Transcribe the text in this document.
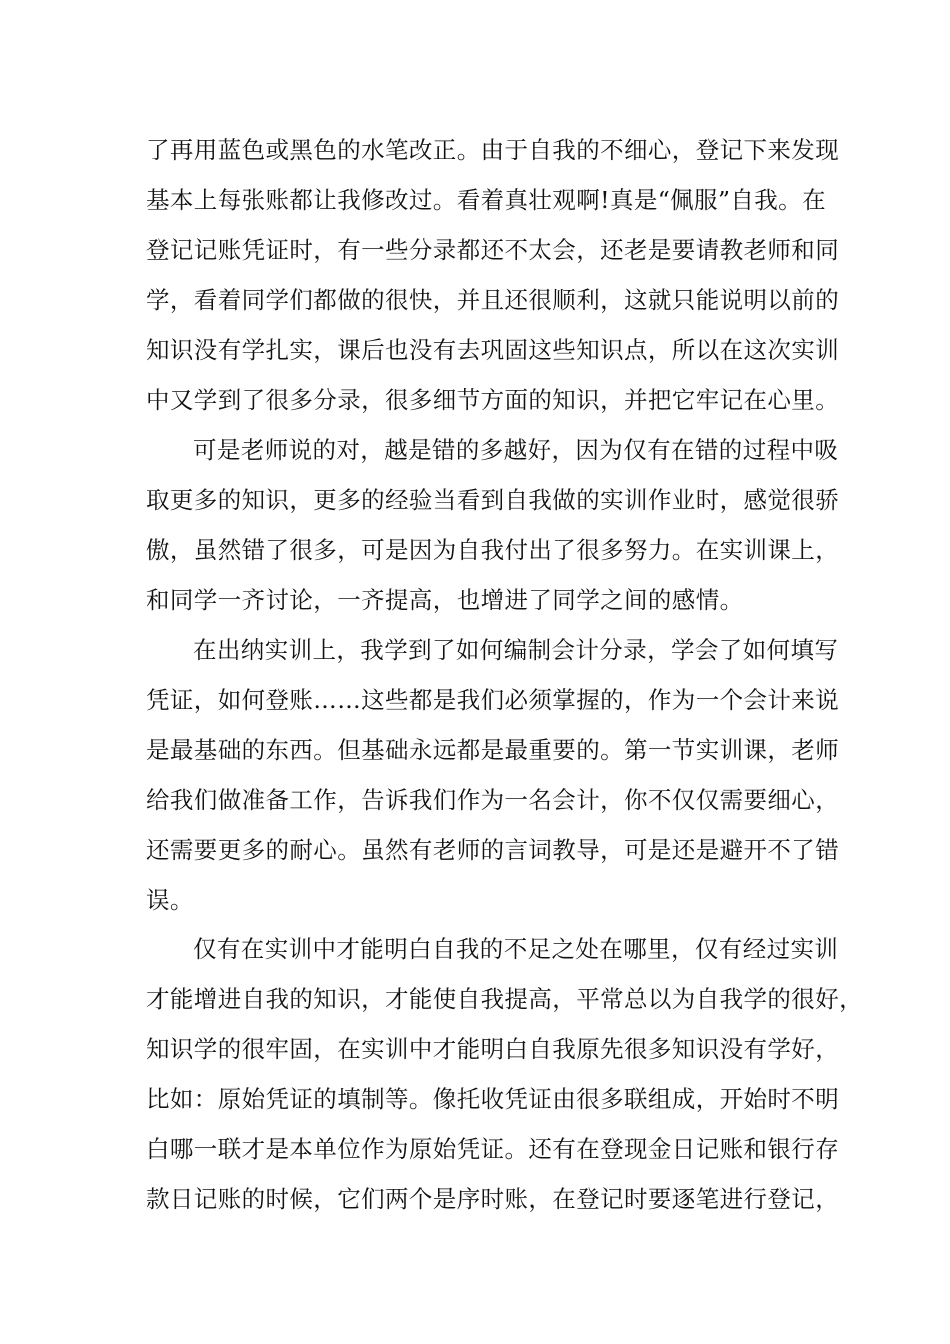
了再用蓝色或黑色的水笔改正。由于自我的不细心，登记下来发现
基本上每张账都让我修改过。看着真壮观啊!真是“佩服”自我。在
登记记账凭证时，有一些分录都还不太会，还老是要请教老师和同
学，看着同学们都做的很快，并且还很顺利，这就只能说明以前的
知识没有学扎实，课后也没有去巩固这些知识点，所以在这次实训
中又学到了很多分录，很多细节方面的知识，并把它牢记在心里。
可是老师说的对，越是错的多越好，因为仅有在错的过程中吸
取更多的知识，更多的经验当看到自我做的实训作业时，感觉很骄
傲，虽然错了很多，可是因为自我付出了很多努力。在实训课上，
和同学一齐讨论，一齐提高，也增进了同学之间的感情。
在出纳实训上，我学到了如何编制会计分录，学会了如何填写
凭证，如何登账……这些都是我们必须掌握的，作为一个会计来说
是最基础的东西。但基础永远都是最重要的。第一节实训课，老师
给我们做准备工作，告诉我们作为一名会计，你不仅仅需要细心，
还需要更多的耐心。虽然有老师的言词教导，可是还是避开不了错
误。
仅有在实训中才能明白自我的不足之处在哪里，仅有经过实训
才能增进自我的知识，才能使自我提高，平常总以为自我学的很好，
知识学的很牢固，在实训中才能明白自我原先很多知识没有学好，
比如：原始凭证的填制等。像托收凭证由很多联组成，开始时不明
白哪一联才是本单位作为原始凭证。还有在登现金日记账和银行存
款日记账的时候，它们两个是序时账，在登记时要逐笔进行登记，
